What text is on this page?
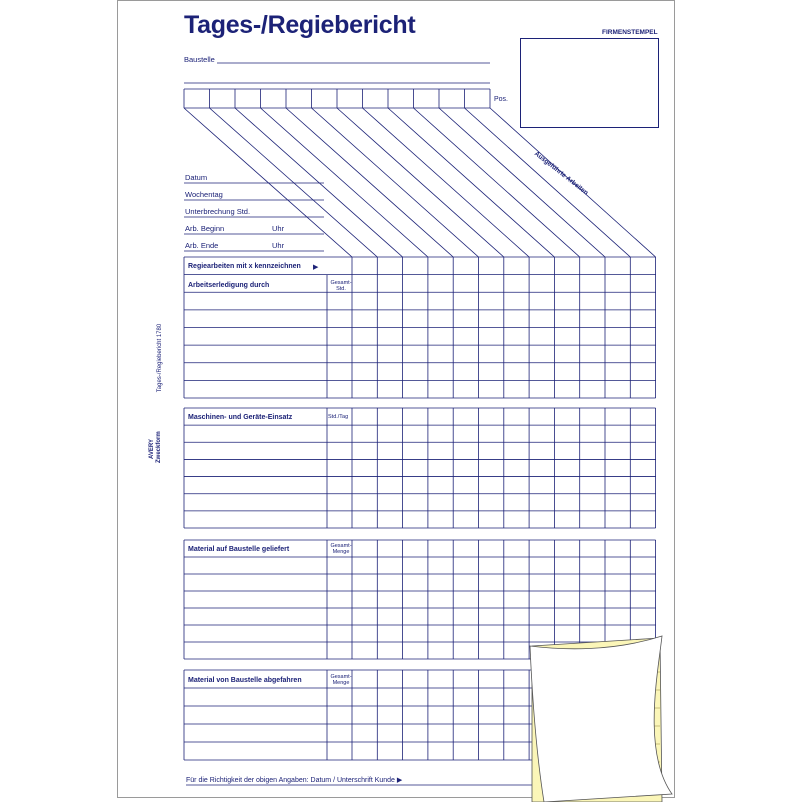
Tages-/Regiebericht
Baustelle
Pos.
FIRMENSTEMPEL
Ausgeführte Arbeiten
Datum
Wochentag
Unterbrechung Std.
Arb. Beginn	Uhr
Arb. Ende	Uhr
Regiearbeiten mit x kennzeichnen ▶
Arbeitserledigung durch	Gesamt-Std.
Maschinen- und Geräte-Einsatz	Std./Tag
Material auf Baustelle geliefert	Gesamt-Menge
Material von Baustelle abgefahren	Gesamt-Menge
Für die Richtigkeit der obigen Angaben: Datum / Unterschrift Kunde ▶
Tages-/Regiebericht 1780
AVERY Zweckform
